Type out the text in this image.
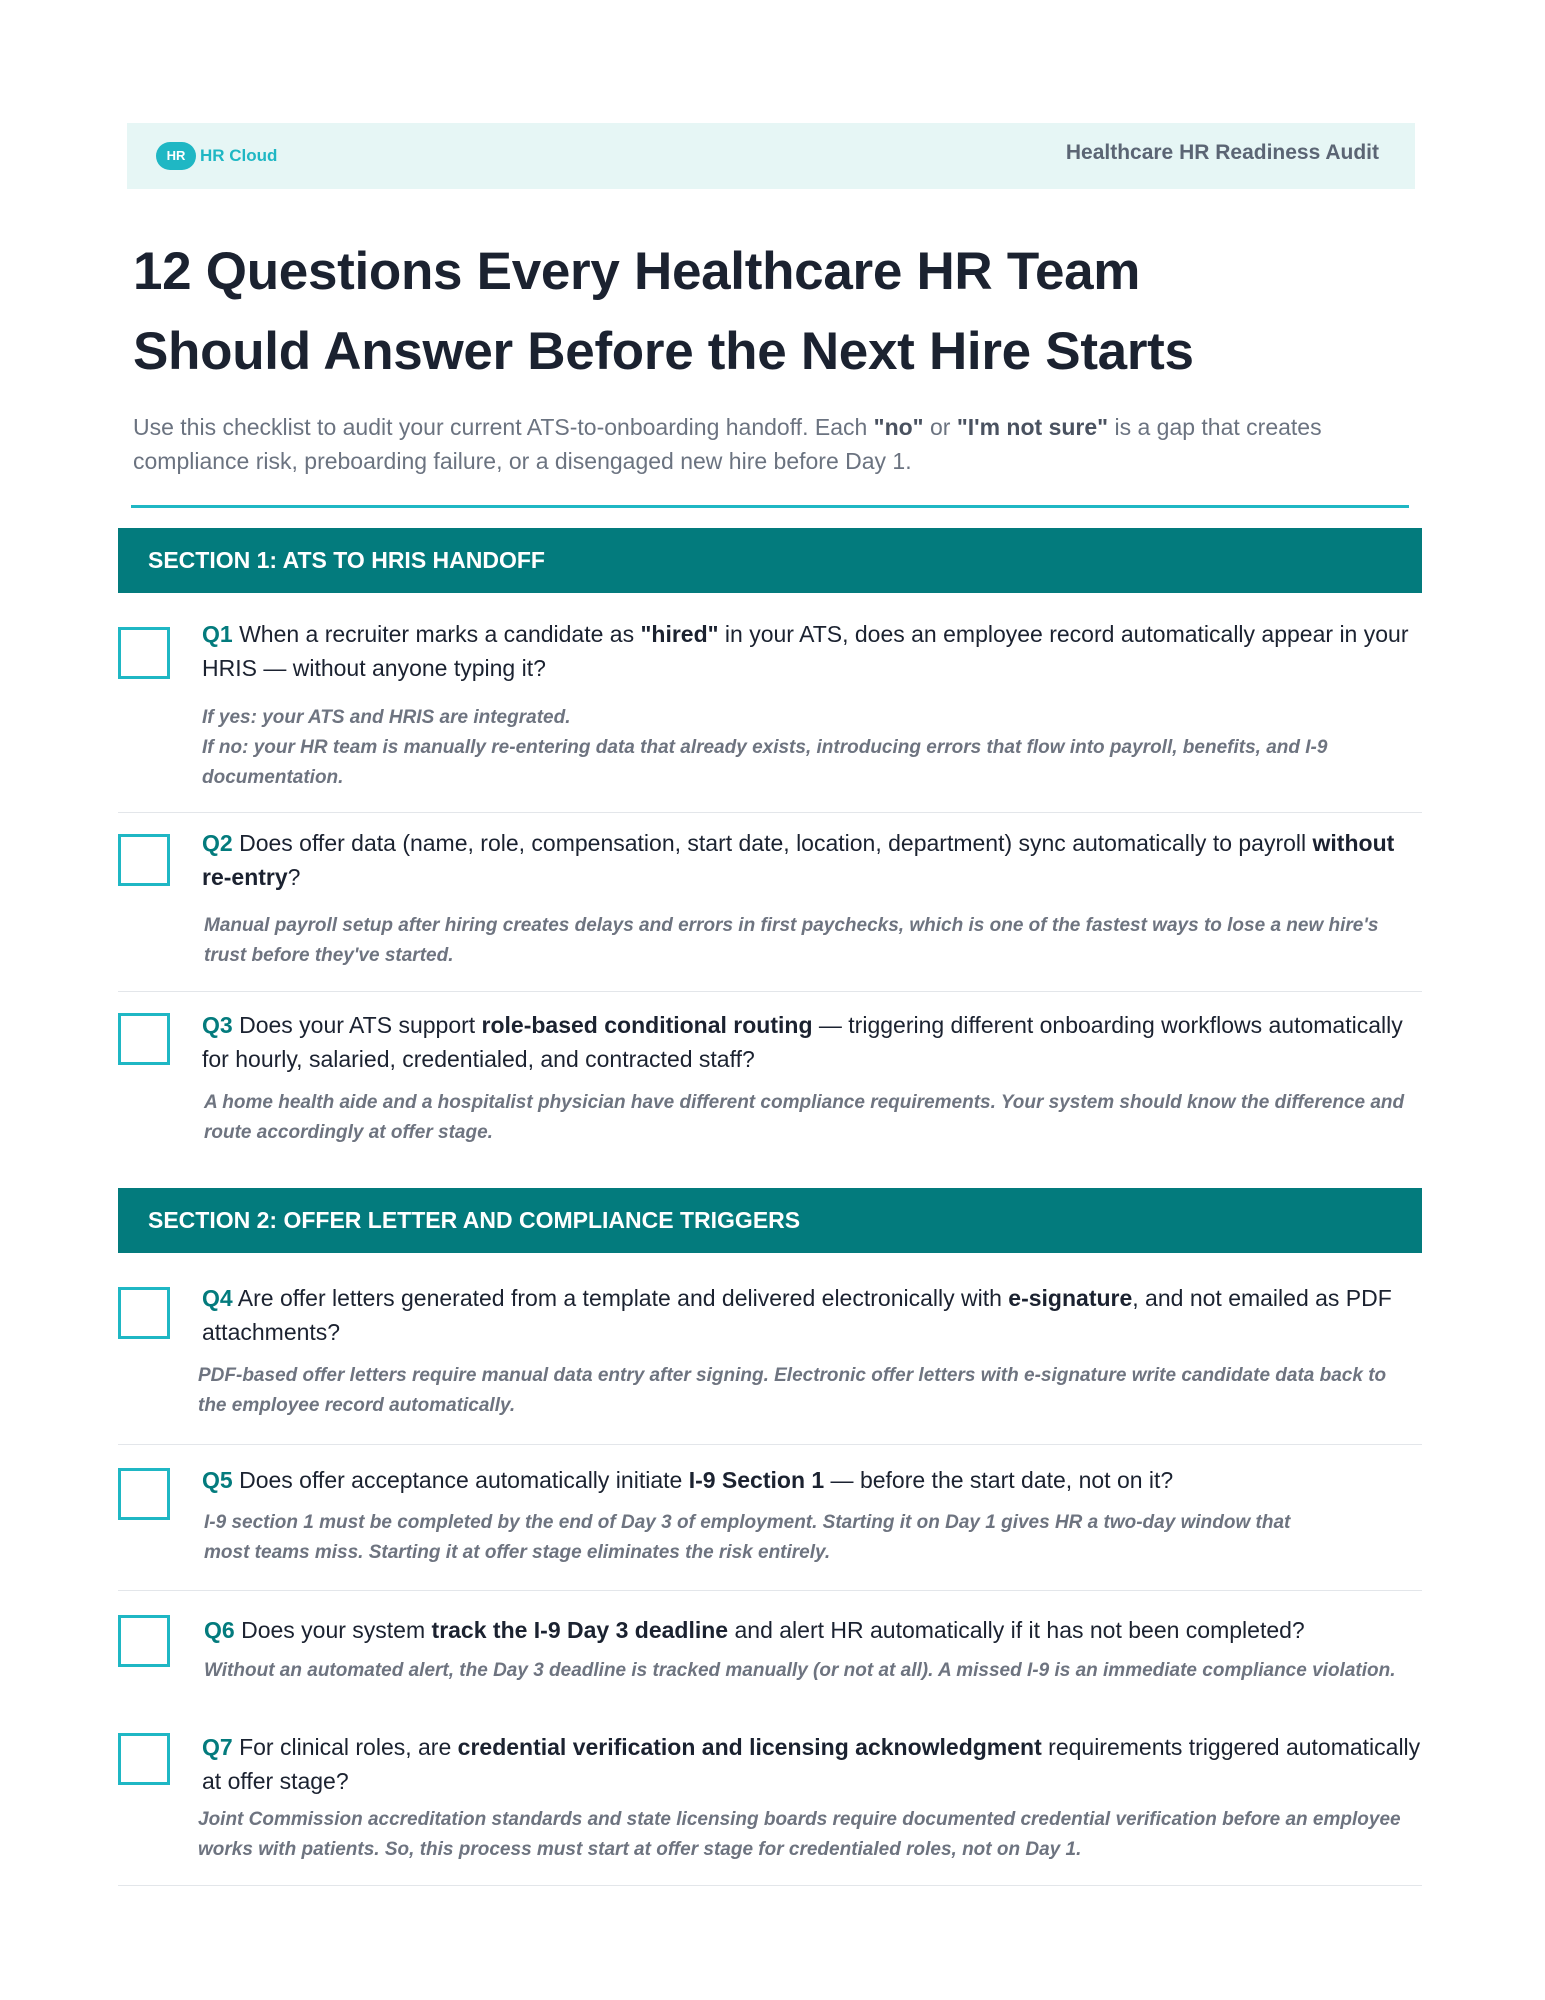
HR HR Cloud	Healthcare HR Readiness Audit
12 Questions Every Healthcare HR Team
Should Answer Before the Next Hire Starts
Use this checklist to audit your current ATS-to-onboarding handoff. Each "no" or "I'm not sure" is a gap that creates compliance risk, preboarding failure, or a disengaged new hire before Day 1.
SECTION 1: ATS TO HRIS HANDOFF
Q1 When a recruiter marks a candidate as "hired" in your ATS, does an employee record automatically appear in your HRIS — without anyone typing it?
If yes: your ATS and HRIS are integrated.
If no: your HR team is manually re-entering data that already exists, introducing errors that flow into payroll, benefits, and I-9 documentation.
Q2 Does offer data (name, role, compensation, start date, location, department) sync automatically to payroll without re-entry?
Manual payroll setup after hiring creates delays and errors in first paychecks, which is one of the fastest ways to lose a new hire's trust before they've started.
Q3 Does your ATS support role-based conditional routing — triggering different onboarding workflows automatically for hourly, salaried, credentialed, and contracted staff?
A home health aide and a hospitalist physician have different compliance requirements. Your system should know the difference and route accordingly at offer stage.
SECTION 2: OFFER LETTER AND COMPLIANCE TRIGGERS
Q4 Are offer letters generated from a template and delivered electronically with e-signature, and not emailed as PDF attachments?
PDF-based offer letters require manual data entry after signing. Electronic offer letters with e-signature write candidate data back to the employee record automatically.
Q5 Does offer acceptance automatically initiate I-9 Section 1 — before the start date, not on it?
I-9 section 1 must be completed by the end of Day 3 of employment. Starting it on Day 1 gives HR a two-day window that most teams miss. Starting it at offer stage eliminates the risk entirely.
Q6 Does your system track the I-9 Day 3 deadline and alert HR automatically if it has not been completed?
Without an automated alert, the Day 3 deadline is tracked manually (or not at all). A missed I-9 is an immediate compliance violation.
Q7 For clinical roles, are credential verification and licensing acknowledgment requirements triggered automatically at offer stage?
Joint Commission accreditation standards and state licensing boards require documented credential verification before an employee works with patients. So, this process must start at offer stage for credentialed roles, not on Day 1.
